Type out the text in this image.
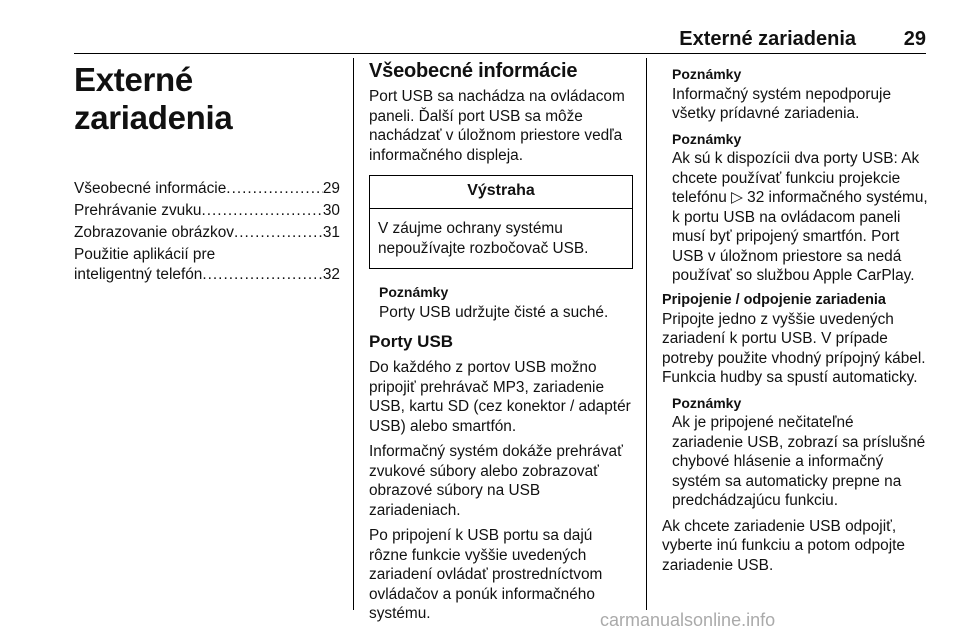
Externé zariadenia 29
Externé zariadenia
Všeobecné informácie .....	29
Prehrávanie zvuku .....	30
Zobrazovanie obrázkov .....	31
Použitie aplikácií pre
inteligentný telefón .....	32
Všeobecné informácie

Port USB sa nachádza na ovládacom paneli. Ďalší port USB sa môže nachádzať v úložnom priestore vedľa informačného displeja.

Výstraha
V záujme ochrany systému nepoužívajte rozbočovač USB.
Poznámky
Porty USB udržujte čisté a suché.
Porty USB

Do každého z portov USB možno pripojiť prehrávač MP3, zariadenie USB, kartu SD (cez konektor / adaptér USB) alebo smartfón.

Informačný systém dokáže prehrávať zvukové súbory alebo zobrazovať obrazové súbory na USB zariadeniach.

Po pripojení k USB portu sa dajú rôzne funkcie vyššie uvedených zariadení ovládať prostredníctvom ovládačov a ponúk informačného systému.

Poznámky
Informačný systém nepodporuje všetky prídavné zariadenia.
Poznámky
Ak sú k dispozícii dva porty USB: Ak chcete používať funkciu projekcie telefónu ▷ 32 informačného systému, k portu USB na ovládacom paneli musí byť pripojený smartfón. Port USB v úložnom priestore sa nedá používať so službou Apple CarPlay.
Pripojenie / odpojenie zariadenia

Pripojte jedno z vyššie uvedených zariadení k portu USB. V prípade potreby použite vhodný prípojný kábel. Funkcia hudby sa spustí automaticky.

Poznámky
Ak je pripojené nečitateľné zariadenie USB, zobrazí sa príslušné chybové hlásenie a informačný systém sa automaticky prepne na predchádzajúcu funkciu.

Ak chcete zariadenie USB odpojiť, vyberte inú funkciu a potom odpojte zariadenie USB.

carmanualsonline.info
